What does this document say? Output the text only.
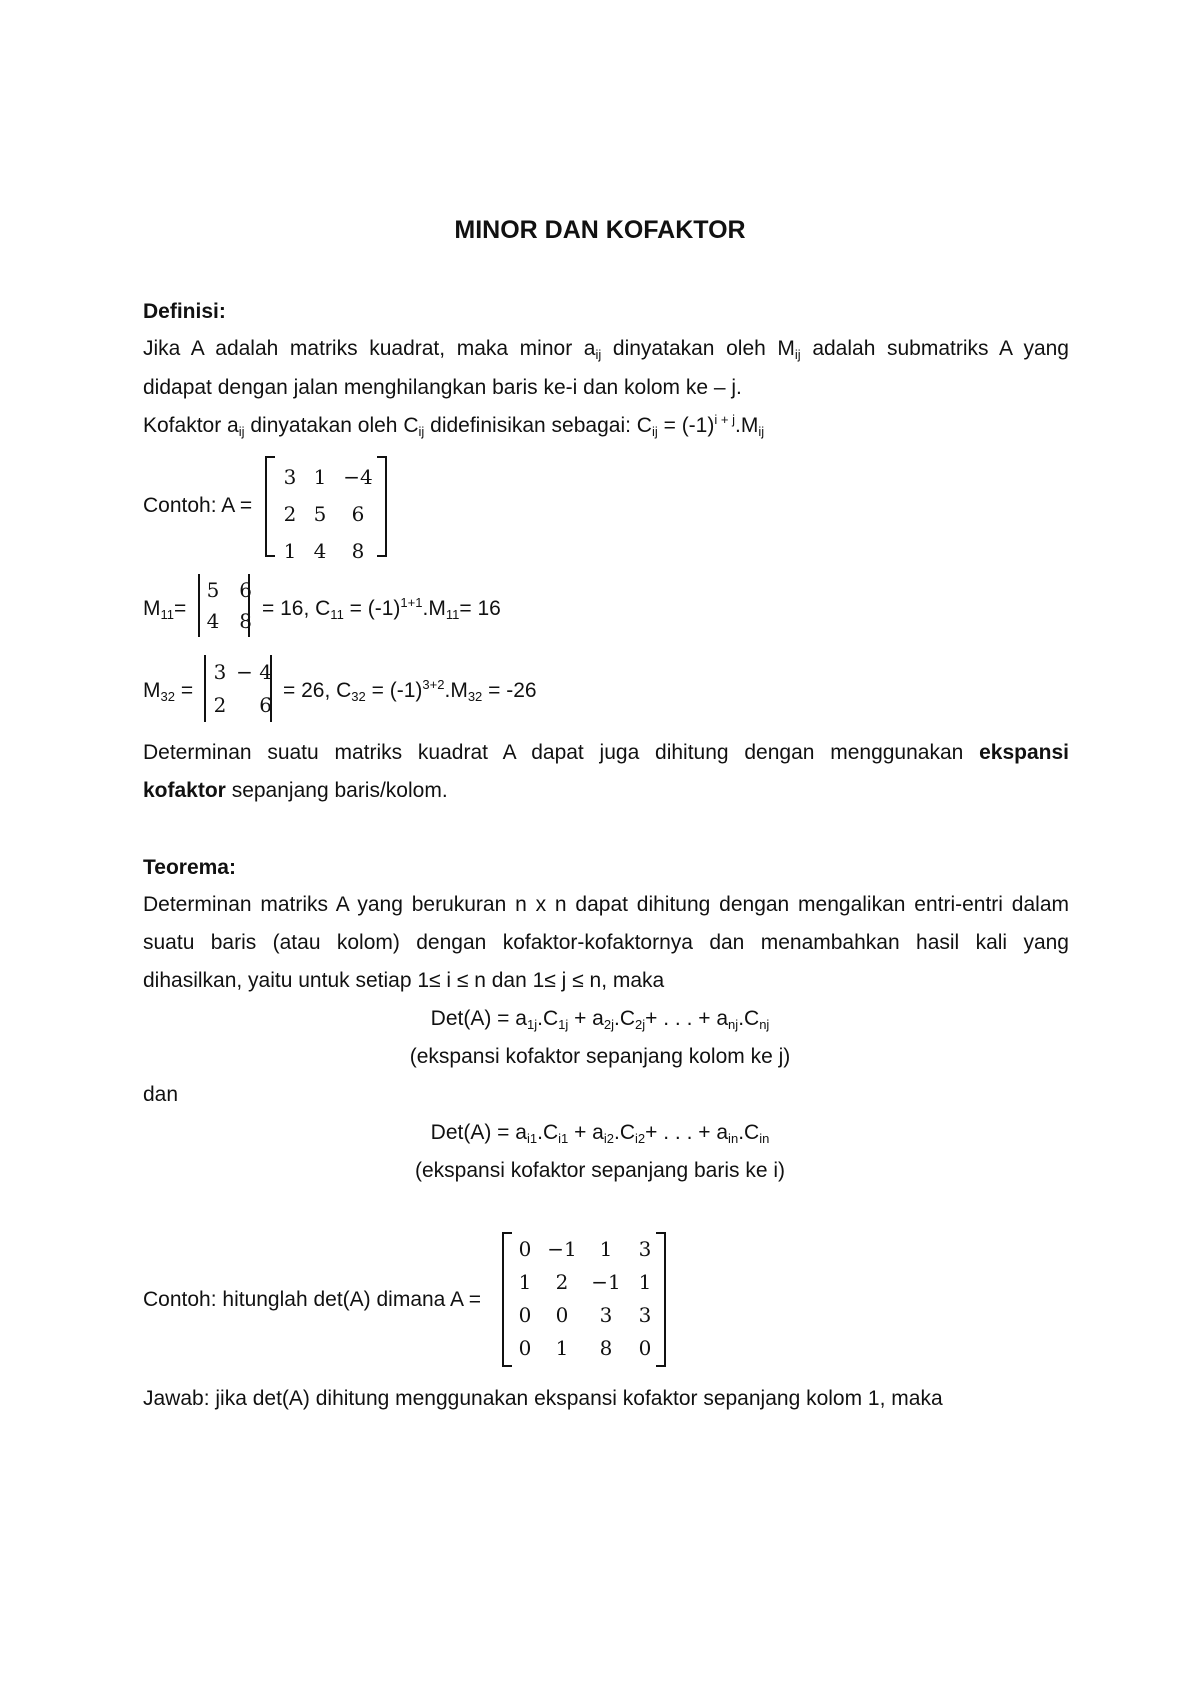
MINOR DAN KOFAKTOR
Definisi:
Jika A adalah matriks kuadrat, maka minor $a_{ij}$ dinyatakan oleh $M_{ij}$ adalah submatriks A yang
didapat dengan jalan menghilangkan baris ke-i dan kolom ke – j.
Kofaktor $a_{ij}$ dinyatakan oleh $C_{ij}$ didefinisikan sebagai: $C_{ij} = (-1)^{i + j}.M_{ij}$
Contoh: A =
3	1	−4
2	5	6
1	4	8
$M_{11}=$
5	6
4	8 = 16, $C_{11} = (-1)^{1+1}.M_{11}= 16$
$M_{32}$ =
3	− 4
2	6
= 26, $C_{32} = (-1)^{3+2}.M_{32} = -26$
Determinan suatu matriks kuadrat A dapat juga dihitung dengan menggunakan ekspansi
kofaktor sepanjang baris/kolom.
Teorema:
Determinan matriks A yang berukuran n x n dapat dihitung dengan mengalikan entri-entri dalam
suatu baris (atau kolom) dengan kofaktor-kofaktornya dan menambahkan hasil kali yang
dihasilkan, yaitu untuk setiap 1≤ i ≤ n dan 1≤ j ≤ n, maka
$Det(A) = a_{1j}.C_{1j} + a_{2j}.C_{2j}+$ . . . + $a_{nj}.C_{nj}$
(ekspansi kofaktor sepanjang kolom ke j)
dan
$Det(A) = a_{i1}.C_{i1} + a_{i2}.C_{i2}+$ . . . + $a_{in}.C_{in}$
(ekspansi kofaktor sepanjang baris ke i)
Contoh: hitunglah det(A) dimana A =
0	−1	1	3
1	2	−1	1
0	0	3	3
0	1	8	0
Jawab: jika det(A) dihitung menggunakan ekspansi kofaktor sepanjang kolom 1, maka
